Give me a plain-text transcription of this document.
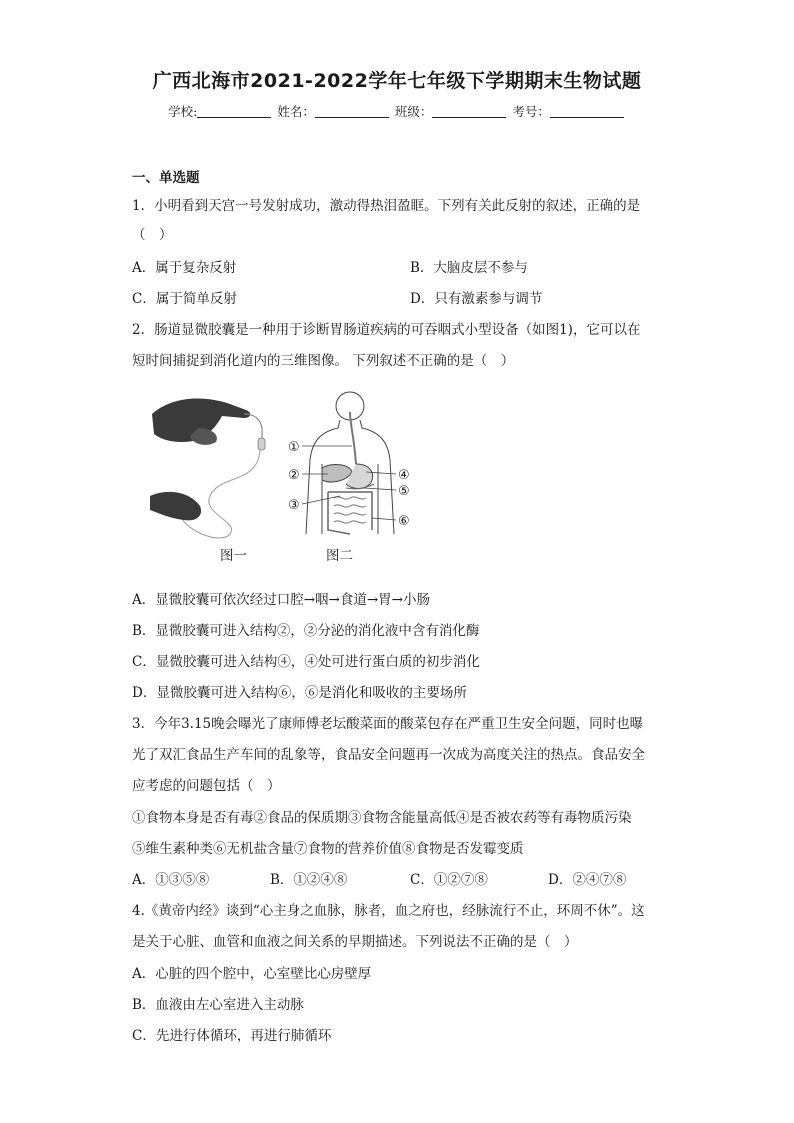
广西北海市2021-2022学年七年级下学期期末生物试题
学校:	姓名：	班级：	考号：
一、单选题
1．小明看到天宫一号发射成功，激动得热泪盈眶。下列有关此反射的叙述，正确的是
（　）
A．属于复杂反射	B．大脑皮层不参与
C．属于简单反射	D．只有激素参与调节
2．肠道显微胶囊是一种用于诊断胃肠道疾病的可吞咽式小型设备（如图1)，它可以在
短时间捕捉到消化道内的三维图像。 下列叙述不正确的是（　）
①
②
③
④
⑤
⑥
图一	图二
A．显微胶囊可依次经过口腔→咽→食道→胃→小肠
B．显微胶囊可进入结构②，②分泌的消化液中含有消化酶
C．显微胶囊可进入结构④，④处可进行蛋白质的初步消化
D．显微胶囊可进入结构⑥，⑥是消化和吸收的主要场所
3．今年3.15晚会曝光了康师傅老坛酸菜面的酸菜包存在严重卫生安全问题，同时也曝
光了双汇食品生产车间的乱象等，食品安全问题再一次成为高度关注的热点。食品安全
应考虑的问题包括（　）
①食物本身是否有毒②食品的保质期③食物含能量高低④是否被农药等有毒物质污染
⑤维生素种类⑥无机盐含量⑦食物的营养价值⑧食物是否发霉变质
A．①③⑤⑧	B．①②④⑧	C．①②⑦⑧	D．②④⑦⑧
4.《黄帝内经》谈到“心主身之血脉，脉者，血之府也，经脉流行不止，环周不休”。这
是关于心脏、血管和血液之间关系的早期描述。下列说法不正确的是（　）
A．心脏的四个腔中，心室壁比心房壁厚
B．血液由左心室进入主动脉
C．先进行体循环，再进行肺循环
